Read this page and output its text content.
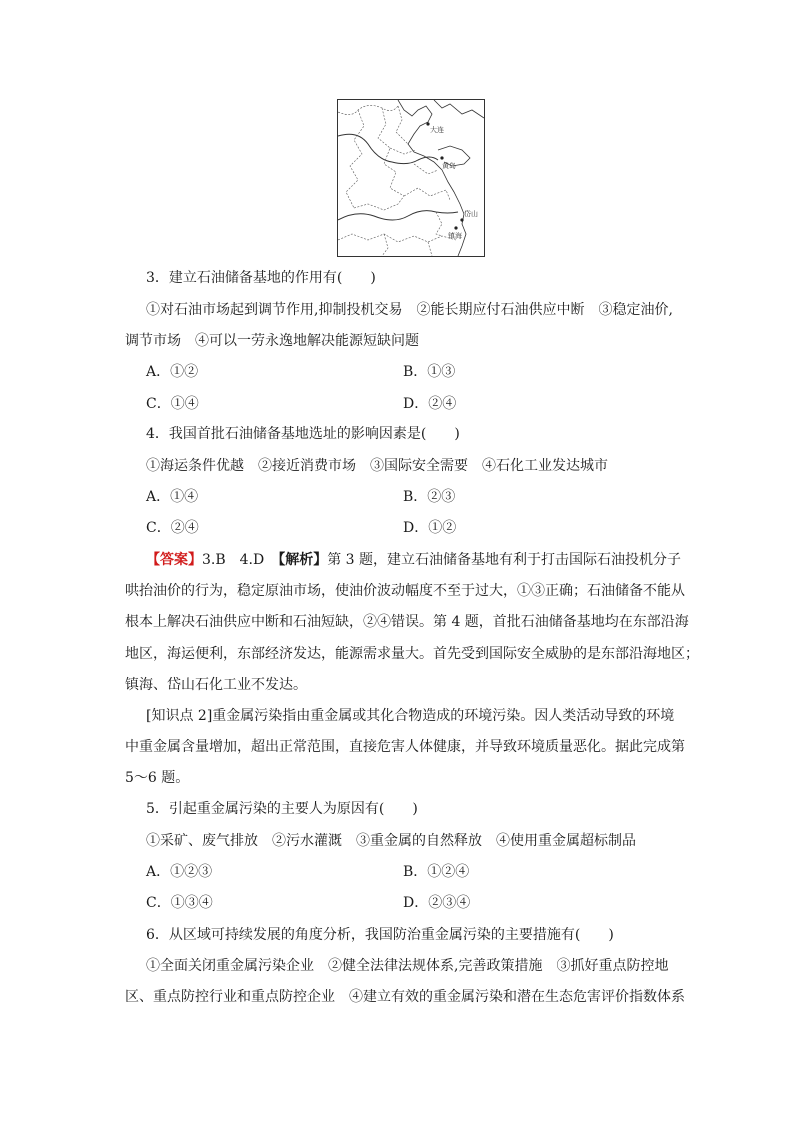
大连
黄岛
岱山
镇海
3．建立石油储备基地的作用有(　　)
①对石油市场起到调节作用,抑制投机交易　②能长期应付石油供应中断　③稳定油价,
调节市场　④可以一劳永逸地解决能源短缺问题
A．①②	B．①③
C．①④	D．②④
4．我国首批石油储备基地选址的影响因素是(　　)
①海运条件优越　②接近消费市场　③国际安全需要　④石化工业发达城市
A．①④	B．②③
C．②④	D．①②
【答案】3.B　4.D　【解析】第 3 题，建立石油储备基地有利于打击国际石油投机分子
哄抬油价的行为，稳定原油市场，使油价波动幅度不至于过大，①③正确；石油储备不能从
根本上解决石油供应中断和石油短缺，②④错误。第 4 题，首批石油储备基地均在东部沿海
地区，海运便利，东部经济发达，能源需求量大。首先受到国际安全威胁的是东部沿海地区；
镇海、岱山石化工业不发达。
[知识点 2]重金属污染指由重金属或其化合物造成的环境污染。因人类活动导致的环境
中重金属含量增加，超出正常范围，直接危害人体健康，并导致环境质量恶化。据此完成第
5～6 题。
5．引起重金属污染的主要人为原因有(　　)
①采矿、废气排放　②污水灌溉　③重金属的自然释放　④使用重金属超标制品
A．①②③	B．①②④
C．①③④	D．②③④
6．从区域可持续发展的角度分析，我国防治重金属污染的主要措施有(　　)
①全面关闭重金属污染企业　②健全法律法规体系,完善政策措施　③抓好重点防控地
区、重点防控行业和重点防控企业　④建立有效的重金属污染和潜在生态危害评价指数体系
